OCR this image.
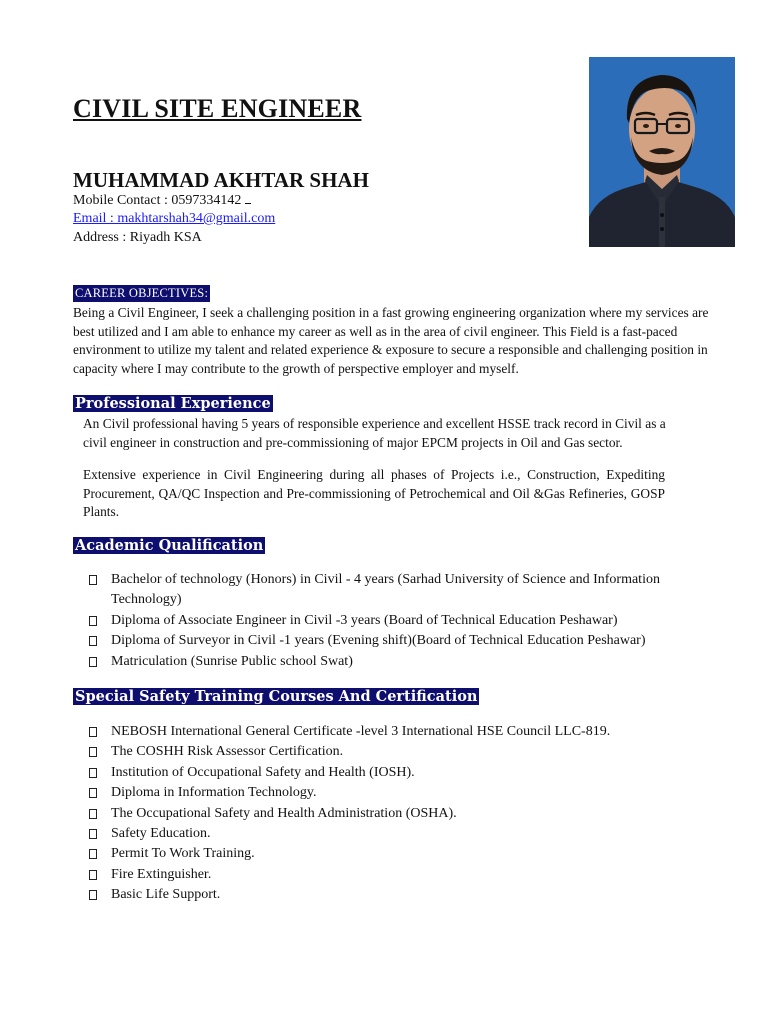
CIVIL SITE ENGINEER
MUHAMMAD AKHTAR SHAH
Mobile Contact : 0597334142
Email : makhtarshah34@gmail.com
Address : Riyadh KSA
CAREER OBJECTIVES:
Being a Civil Engineer, I seek a challenging position in a fast growing engineering organization where my services are best utilized and I am able to enhance my career as well as in the area of civil engineer. This Field is a fast-paced environment to utilize my talent and related experience & exposure to secure a responsible and challenging position in capacity where I may contribute to the growth of perspective employer and myself.
Professional Experience
An Civil professional having 5 years of responsible experience and excellent HSSE track record in Civil as a civil engineer in construction and pre-commissioning of major EPCM projects in Oil and Gas sector.
Extensive experience in Civil Engineering during all phases of Projects i.e., Construction, Expediting Procurement, QA/QC Inspection and Pre-commissioning of Petrochemical and Oil &Gas Refineries, GOSP Plants.
Academic Qualification
Bachelor of technology (Honors) in Civil - 4 years (Sarhad University of Science and Information Technology)
Diploma of Associate Engineer in Civil -3 years (Board of Technical Education Peshawar)
Diploma of Surveyor in Civil -1 years (Evening shift)(Board of Technical Education Peshawar)
Matriculation (Sunrise Public school Swat)
Special Safety Training Courses And Certification
NEBOSH International General Certificate -level 3 International HSE Council LLC-819.
The COSHH Risk Assessor Certification.
Institution of Occupational Safety and Health (IOSH).
Diploma in Information Technology.
The Occupational Safety and Health Administration (OSHA).
Safety Education.
Permit To Work Training.
Fire Extinguisher.
Basic Life Support.
